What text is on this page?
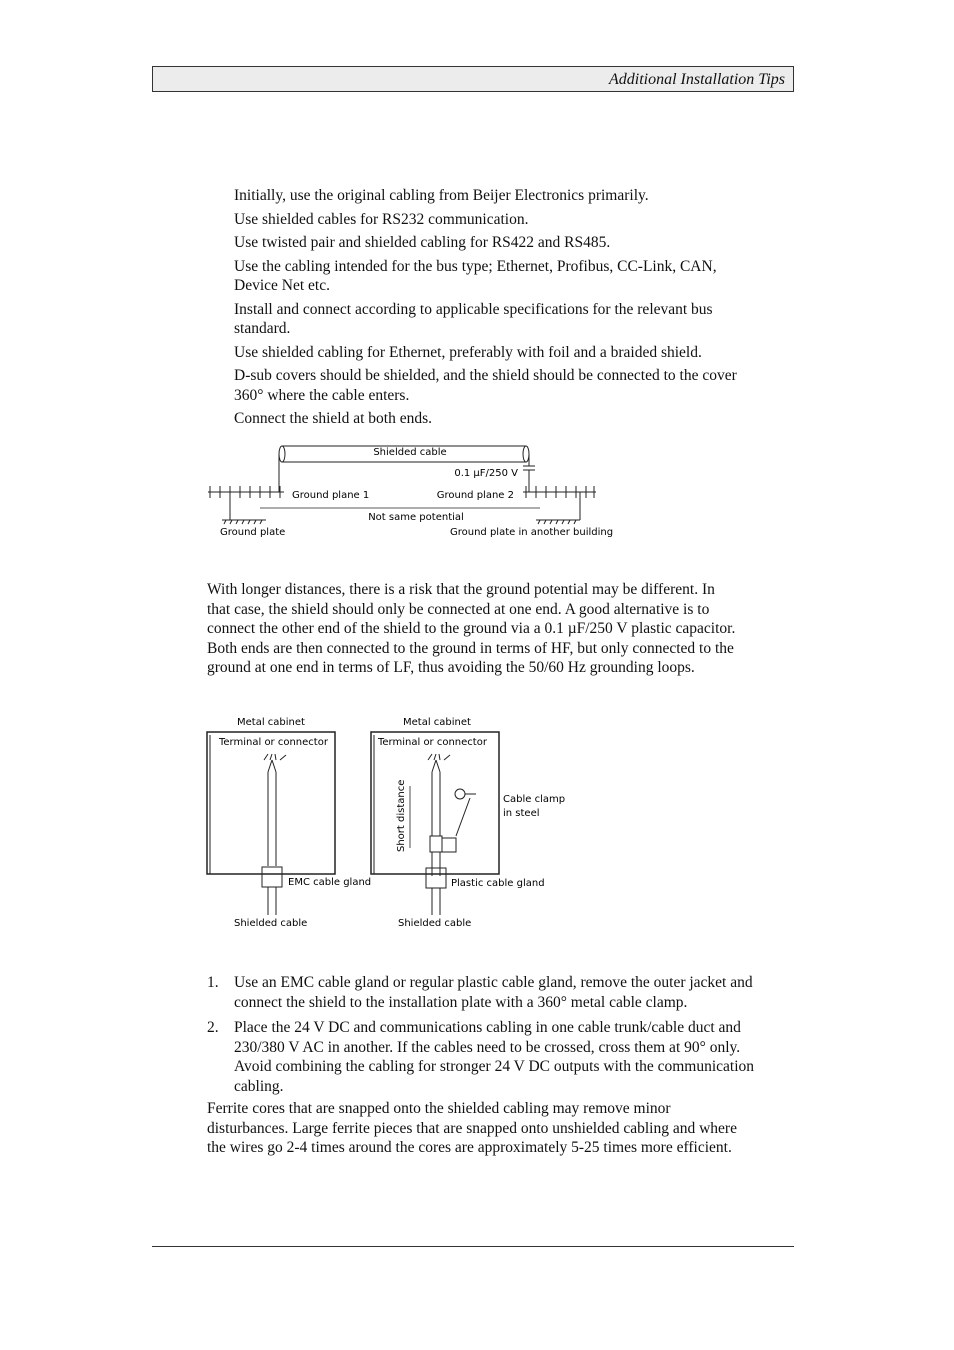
Additional Installation Tips
Initially, use the original cabling from Beijer Electronics primarily.
Use shielded cables for RS232 communication.
Use twisted pair and shielded cabling for RS422 and RS485.
Use the cabling intended for the bus type; Ethernet, Profibus, CC-Link, CAN, Device Net etc.
Install and connect according to applicable specifications for the relevant bus standard.
Use shielded cabling for Ethernet, preferably with foil and a braided shield.
D-sub covers should be shielded, and the shield should be connected to the cover 360° where the cable enters.
Connect the shield at both ends.
Shielded cable
0.1 µF/250 V
Ground plane 1	Ground plane 2
Not same potential
Ground plate	Ground plate in another building
With longer distances, there is a risk that the ground potential may be different. In that case, the shield should only be connected at one end. A good alternative is to connect the other end of the shield to the ground via a 0.1 µF/250 V plastic capacitor. Both ends are then connected to the ground in terms of HF, but only connected to the ground at one end in terms of LF, thus avoiding the 50/60 Hz grounding loops.
Metal cabinet
Terminal or connector
EMC cable gland
Shielded cable
Metal cabinet
Terminal or connector
Short distance	Cable clamp
in steel
Plastic cable gland
Shielded cable
1. Use an EMC cable gland or regular plastic cable gland, remove the outer jacket and connect the shield to the installation plate with a 360° metal cable clamp.
2. Place the 24 V DC and communications cabling in one cable trunk/cable duct and 230/380 V AC in another. If the cables need to be crossed, cross them at 90° only. Avoid combining the cabling for stronger 24 V DC outputs with the communication cabling.
Ferrite cores that are snapped onto the shielded cabling may remove minor disturbances. Large ferrite pieces that are snapped onto unshielded cabling and where the wires go 2-4 times around the cores are approximately 5-25 times more efficient.
